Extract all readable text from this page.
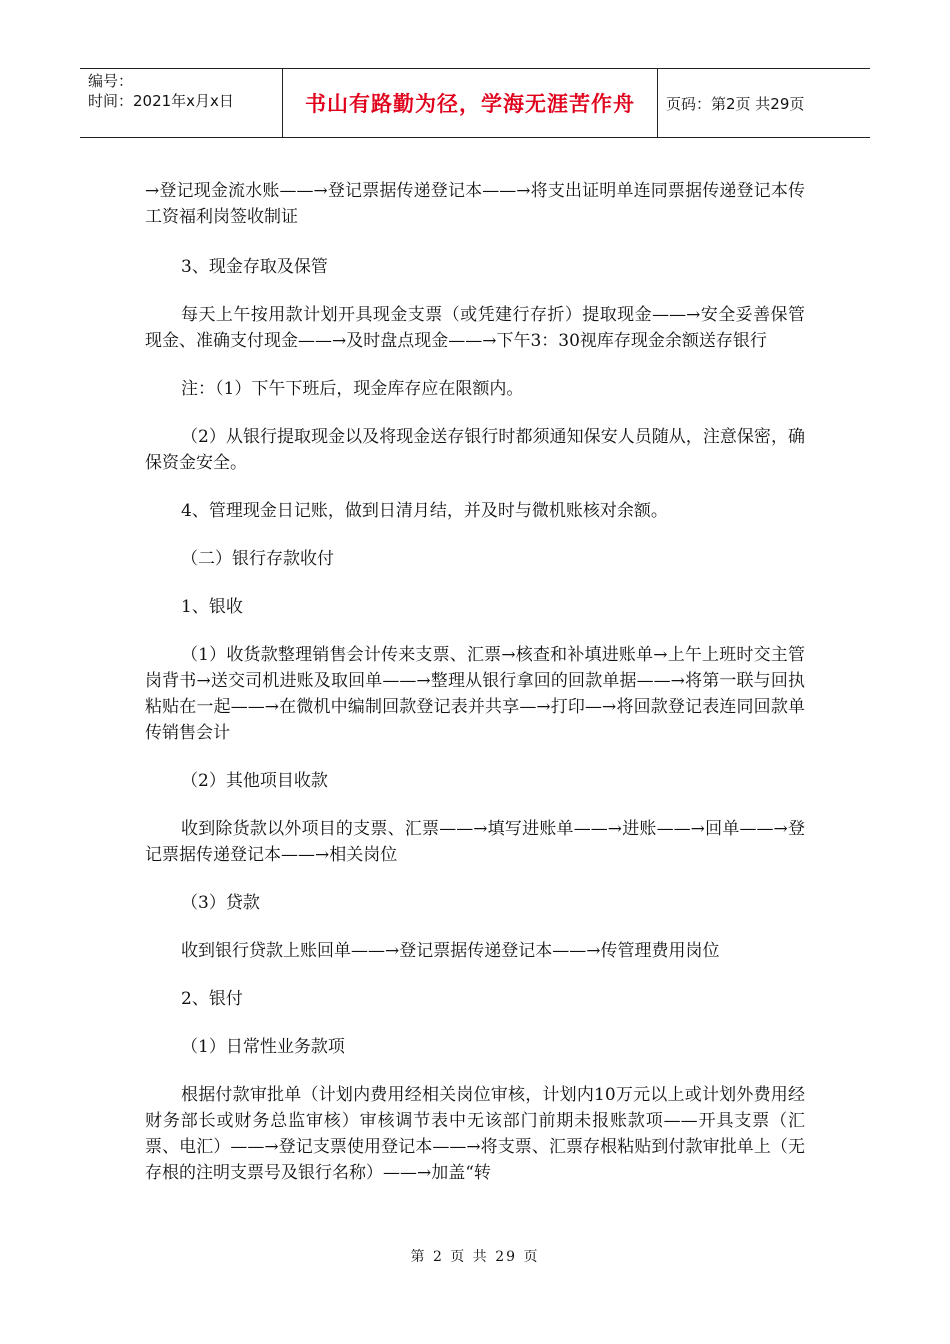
编号：
时间：2021年x月x日	书山有路勤为径，学海无涯苦作舟 页码：第2页 共29页

→登记现金流水账——→登记票据传递登记本——→将支出证明单连同票据传递登记本传工资福利岗签收制证

3、现金存取及保管

每天上午按用款计划开具现金支票（或凭建行存折）提取现金——→安全妥善保管现金、准确支付现金——→及时盘点现金——→下午3：30视库存现金余额送存银行

注：（1）下午下班后，现金库存应在限额内。

（2）从银行提取现金以及将现金送存银行时都须通知保安人员随从，注意保密，确保资金安全。

4、管理现金日记账，做到日清月结，并及时与微机账核对余额。

（二）银行存款收付

1、银收

（1）收货款整理销售会计传来支票、汇票→核查和补填进账单→上午上班时交主管岗背书→送交司机进账及取回单——→整理从银行拿回的回款单据——→将第一联与回执粘贴在一起——→在微机中编制回款登记表并共享—→打印—→将回款登记表连同回款单传销售会计

（2）其他项目收款

收到除货款以外项目的支票、汇票——→填写进账单——→进账——→回单——→登记票据传递登记本——→相关岗位

（3）贷款

收到银行贷款上账回单——→登记票据传递登记本——→传管理费用岗位

2、银付

（1）日常性业务款项

根据付款审批单（计划内费用经相关岗位审核，计划内10万元以上或计划外费用经财务部长或财务总监审核）审核调节表中无该部门前期未报账款项——开具支票（汇票、电汇）——→登记支票使用登记本——→将支票、汇票存根粘贴到付款审批单上（无存根的注明支票号及银行名称）——→加盖“转

第 2 页 共 29 页
